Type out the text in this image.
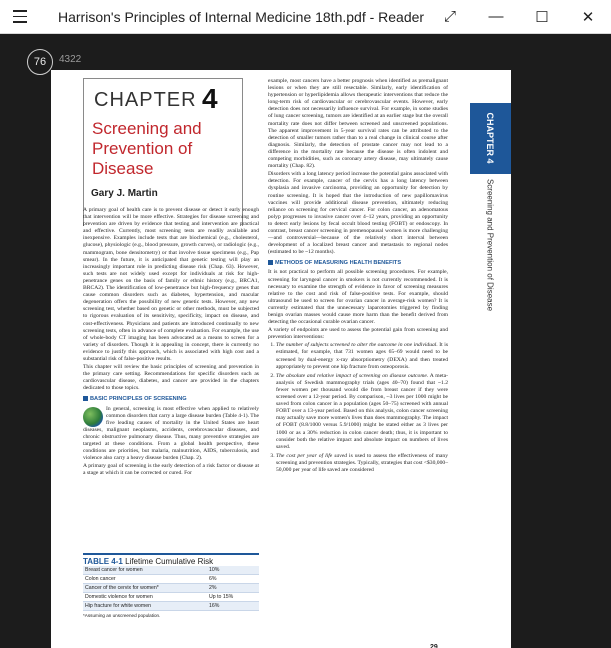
Harrison's Principles of Internal Medicine 18th.pdf - Reader	⤢	—	☐	✕
76	4322
CHAPTER 4
Screening and
Prevention of Disease
Gary J. Martin

A primary goal of health care is to prevent disease or detect it early enough that intervention will be more effective. Strategies for disease screening and prevention are driven by evidence that testing and intervention are practical and effective. Currently, most screening tests are readily available and inexpensive. Examples include tests that are biochemical (e.g., cholesterol, glucose), physiologic (e.g., blood pressure, growth curves), or radiologic (e.g., mammogram, bone densitometry) or that involve tissue specimens (e.g., Pap smear). In the future, it is anticipated that genetic testing will play an increasingly important role in predicting disease risk (Chap. 63). However, such tests are not widely used except for individuals at risk for high-penetrance genes on the basis of family or ethnic history (e.g., BRCA1, BRCA2). The identification of low-penetrance but high-frequency genes that cause common disorders such as diabetes, hypertension, and macular degeneration offers the possibility of new genetic tests. However, any new screening test, whether based on genetic or other methods, must be subjected to rigorous evaluation of its sensitivity, specificity, impact on disease, and cost-effectiveness. Physicians and patients are introduced continually to new screening tests, often in advance of complete evaluation. For example, the use of whole-body CT imaging has been advocated as a means to screen for a variety of disorders. Though it is appealing in concept, there is currently no evidence to justify this approach, which is associated with high cost and a substantial risk of false-positive results.

This chapter will review the basic principles of screening and prevention in the primary care setting. Recommendations for specific disorders such as cardiovascular disease, diabetes, and cancer are provided in the chapters dedicated to those topics.

BASIC PRINCIPLES OF SCREENING

In general, screening is most effective when applied to relatively common disorders that carry a large disease burden (Table 4-1). The five leading causes of mortality in the United States are heart diseases, malignant neoplasms, accidents, cerebrovascular diseases, and chronic obstructive pulmonary disease. Thus, many preventive strategies are targeted at these conditions. From a global health perspective, these conditions are priorities, but malaria, malnutrition, AIDS, tuberculosis, and violence also carry a heavy disease burden (Chap. 2).

A primary goal of screening is the early detection of a risk factor or disease at a stage at which it can be corrected or cured. For

TABLE 4-1 Lifetime Cumulative Risk
Breast cancer for women	10%
Colon cancer	6%
Cancer of the cervix for women*	2%
Domestic violence for women	Up to 15%
Hip fracture for white women	16%
*Assuming an unscreened population.

example, most cancers have a better prognosis when identified as premalignant lesions or when they are still resectable. Similarly, early identification of hypertension or hyperlipidemia allows therapeutic interventions that reduce the long-term risk of cardiovascular or cerebrovascular events. However, early detection does not necessarily influence survival. For example, in some studies of lung cancer screening, tumors are identified at an earlier stage but the overall mortality rate does not differ between screened and unscreened populations. The apparent improvement in 5-year survival rates can be attributed to the detection of smaller tumors rather than to a real change in clinical course after diagnosis. Similarly, the detection of prostate cancer may not lead to a difference in the mortality rate because the disease is often indolent and competing morbidities, such as coronary artery disease, may ultimately cause mortality (Chap. 82).

Disorders with a long latency period increase the potential gains associated with detection. For example, cancer of the cervix has a long latency between dysplasia and invasive carcinoma, providing an opportunity for detection by routine screening. It is hoped that the introduction of new papillomavirus vaccines will provide additional disease prevention, ultimately reducing reliance on screening for cervical cancer. For colon cancer, an adenomatous polyp progresses to invasive cancer over 4–12 years, providing an opportunity to detect early lesions by fecal occult blood testing (FOBT) or endoscopy. In contrast, breast cancer screening in premenopausal women is more challenging—and controversial—because of the relatively short interval between development of a localized breast cancer and metastasis to regional nodes (estimated to be ~12 months).

METHODS OF MEASURING HEALTH BENEFITS

It is not practical to perform all possible screening procedures. For example, screening for laryngeal cancer in smokers is not currently recommended. It is necessary to examine the strength of evidence in favor of screening measures relative to the cost and risk of false-positive tests. For example, should ultrasound be used to screen for ovarian cancer in average-risk women? It is currently estimated that the unnecessary laparotomies triggered by finding benign ovarian masses would cause more harm than the benefit derived from detecting the occasional curable ovarian cancer.

A variety of endpoints are used to assess the potential gain from screening and prevention interventions:

1. The number of subjects screened to alter the outcome in one individual. It is estimated, for example, that 731 women ages 65–69 would need to be screened by dual-energy x-ray absorptiometry (DEXA) and then treated appropriately to prevent one hip fracture from osteoporosis.
2. The absolute and relative impact of screening on disease outcome. A meta-analysis of Swedish mammography trials (ages 40–70) found that ~1.2 fewer women per thousand would die from breast cancer if they were screened over a 12-year period. By comparison, ~3 lives per 1000 might be saved from colon cancer in a population (ages 50–75) screened with annual FOBT over a 13-year period. Based on this analysis, colon cancer screening may actually save more women's lives than does mammography. The impact of FOBT (8.8/1000 versus 5.9/1000) might be stated either as 3 lives per 1000 or as a 30% reduction in colon cancer death; thus, it is important to consider both the relative impact and absolute impact on numbers of lives saved.
3. The cost per year of life saved is used to assess the effectiveness of many screening and prevention strategies. Typically, strategies that cost <$30,000–50,000 per year of life saved are considered
CHAPTER 4
Screening and Prevention of Disease
29
